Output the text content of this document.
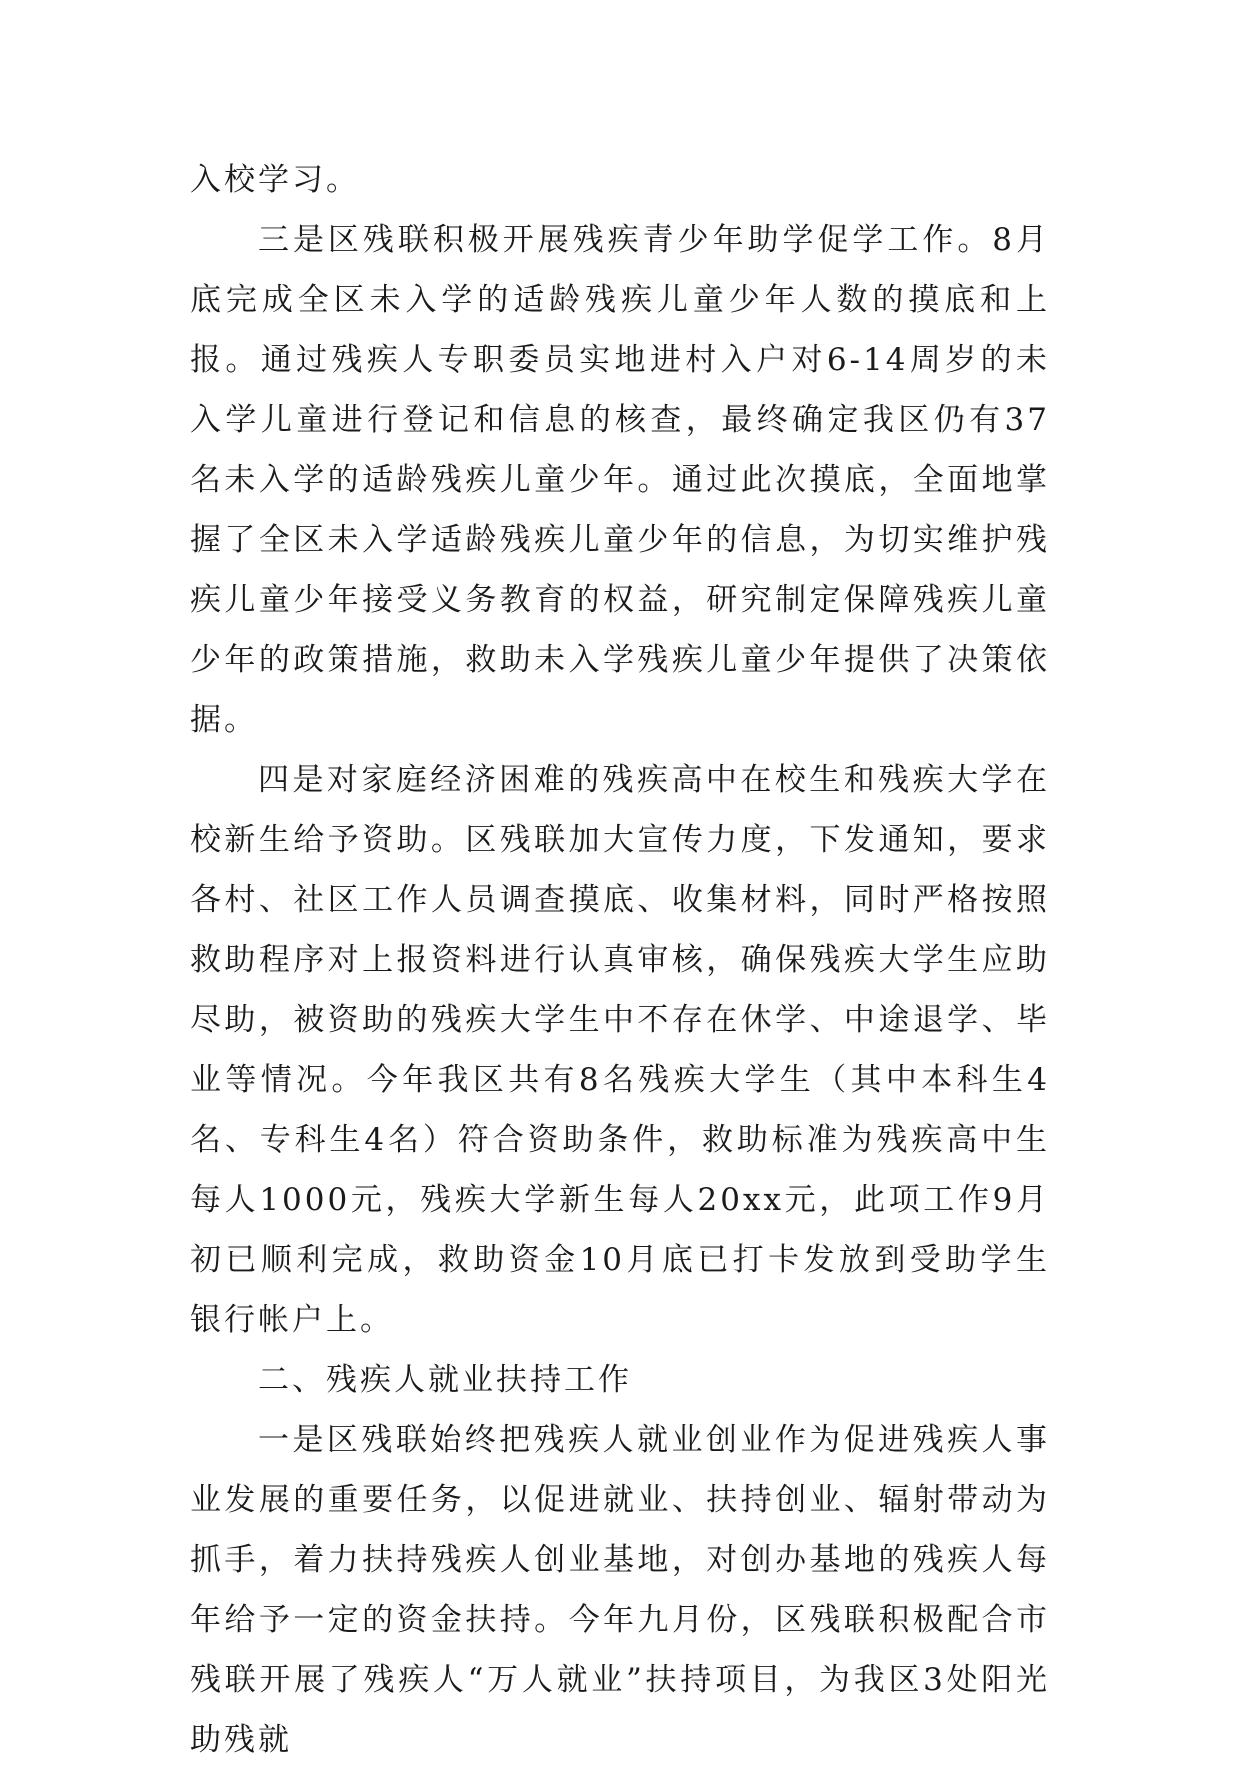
入校学习。

三是区残联积极开展残疾青少年助学促学工作。8月底完成全区未入学的适龄残疾儿童少年人数的摸底和上报。通过残疾人专职委员实地进村入户对6-14周岁的未入学儿童进行登记和信息的核查，最终确定我区仍有37名未入学的适龄残疾儿童少年。通过此次摸底，全面地掌握了全区未入学适龄残疾儿童少年的信息，为切实维护残疾儿童少年接受义务教育的权益，研究制定保障残疾儿童少年的政策措施，救助未入学残疾儿童少年提供了决策依据。

四是对家庭经济困难的残疾高中在校生和残疾大学在校新生给予资助。区残联加大宣传力度，下发通知，要求各村、社区工作人员调查摸底、收集材料，同时严格按照救助程序对上报资料进行认真审核，确保残疾大学生应助尽助，被资助的残疾大学生中不存在休学、中途退学、毕业等情况。今年我区共有8名残疾大学生（其中本科生4名、专科生4名）符合资助条件，救助标准为残疾高中生每人1000元，残疾大学新生每人20xx元，此项工作9月初已顺利完成，救助资金10月底已打卡发放到受助学生银行帐户上。

二、残疾人就业扶持工作

一是区残联始终把残疾人就业创业作为促进残疾人事业发展的重要任务，以促进就业、扶持创业、辐射带动为抓手，着力扶持残疾人创业基地，对创办基地的残疾人每年给予一定的资金扶持。今年九月份，区残联积极配合市残联开展了残疾人“万人就业”扶持项目，为我区3处阳光助残就
